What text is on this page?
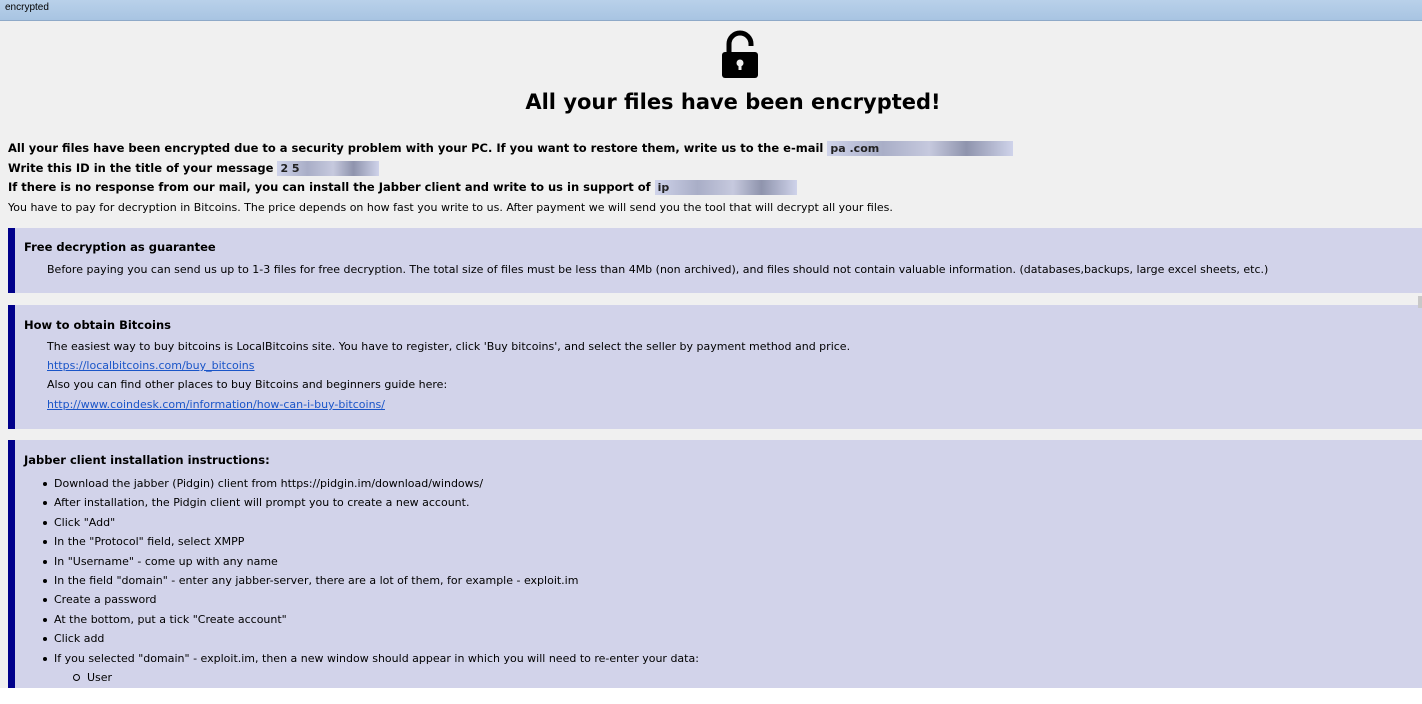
encrypted
All your files have been encrypted!
All your files have been encrypted due to a security problem with your PC. If you want to restore them, write us to the e-mail pa .com
Write this ID in the title of your message 2 5
If there is no response from our mail, you can install the Jabber client and write to us in support ofip
You have to pay for decryption in Bitcoins. The price depends on how fast you write to us. After payment we will send you the tool that will decrypt all your files.
Free decryption as guarantee
Before paying you can send us up to 1-3 files for free decryption. The total size of files must be less than 4Mb (non archived), and files should not contain valuable information. (databases,backups, large excel sheets, etc.)
How to obtain Bitcoins
The easiest way to buy bitcoins is LocalBitcoins site. You have to register, click 'Buy bitcoins', and select the seller by payment method and price.
https://localbitcoins.com/buy_bitcoins
Also you can find other places to buy Bitcoins and beginners guide here:
http://www.coindesk.com/information/how-can-i-buy-bitcoins/
Jabber client installation instructions:
Download the jabber (Pidgin) client from https://pidgin.im/download/windows/
After installation, the Pidgin client will prompt you to create a new account.
Click "Add"
In the "Protocol" field, select XMPP
In "Username" - come up with any name
In the field "domain" - enter any jabber-server, there are a lot of them, for example - exploit.im
Create a password
At the bottom, put a tick "Create account"
Click add
If you selected "domain" - exploit.im, then a new window should appear in which you will need to re-enter your data:
User
